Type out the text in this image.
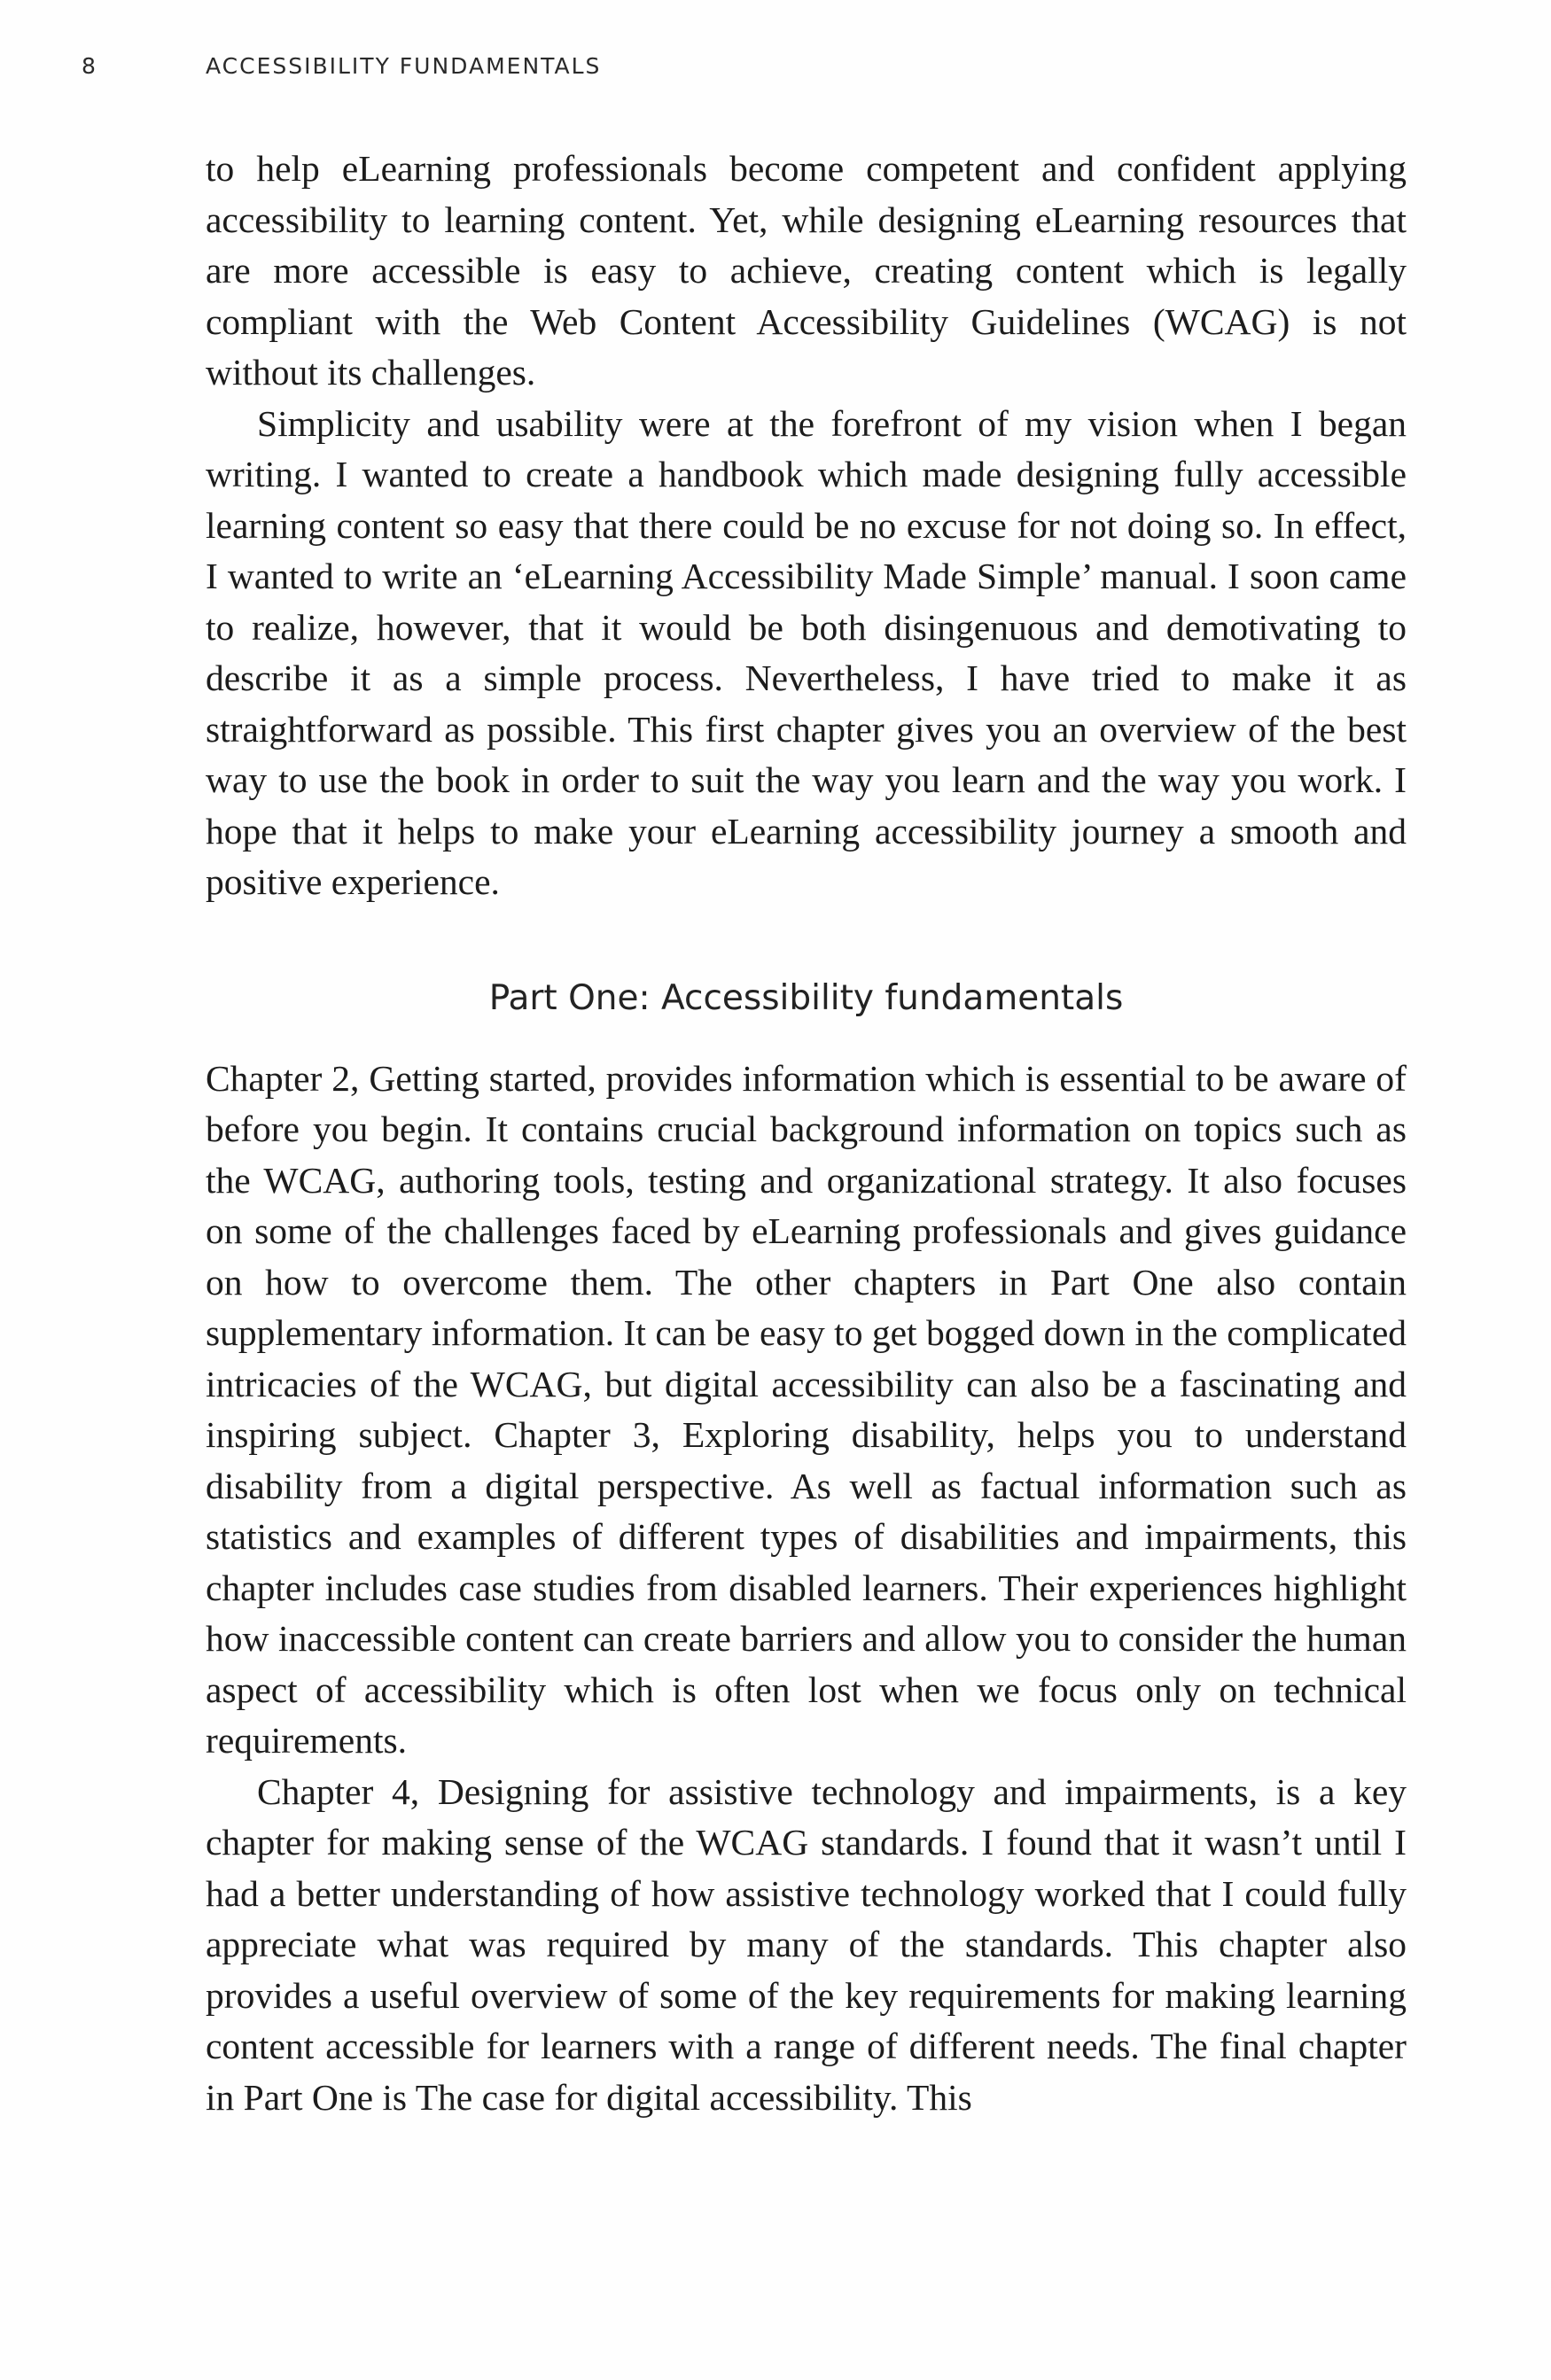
8	ACCESSIBILITY FUNDAMENTALS

to help eLearning professionals become competent and confident applying accessibility to learning content. Yet, while designing eLearning resources that are more accessible is easy to achieve, creating content which is legally compliant with the Web Content Accessibility Guidelines (WCAG) is not without its challenges.

Simplicity and usability were at the forefront of my vision when I began writing. I wanted to create a handbook which made designing fully accessible learning content so easy that there could be no excuse for not doing so. In effect, I wanted to write an ‘eLearning Accessibility Made Simple’ manual. I soon came to realize, however, that it would be both disingenuous and demotivating to describe it as a simple process. Nevertheless, I have tried to make it as straightforward as possible. This first chapter gives you an overview of the best way to use the book in order to suit the way you learn and the way you work. I hope that it helps to make your eLearning accessibility journey a smooth and positive experience.

Part One: Accessibility fundamentals

Chapter 2, Getting started, provides information which is essential to be aware of before you begin. It contains crucial background information on topics such as the WCAG, authoring tools, testing and organizational strategy. It also focuses on some of the challenges faced by eLearning professionals and gives guidance on how to overcome them. The other chapters in Part One also contain supplementary information. It can be easy to get bogged down in the complicated intricacies of the WCAG, but digital accessibility can also be a fascinating and inspiring subject. Chapter 3, Exploring disability, helps you to understand disability from a digital perspective. As well as factual information such as statistics and examples of different types of disabilities and impairments, this chapter includes case studies from disabled learners. Their experiences highlight how inaccessible content can create barriers and allow you to consider the human aspect of accessibility which is often lost when we focus only on technical requirements.

Chapter 4, Designing for assistive technology and impairments, is a key chapter for making sense of the WCAG standards. I found that it wasn’t until I had a better understanding of how assistive technology worked that I could fully appreciate what was required by many of the standards. This chapter also provides a useful overview of some of the key requirements for making learning content accessible for learners with a range of different needs. The final chapter in Part One is The case for digital accessibility. This
